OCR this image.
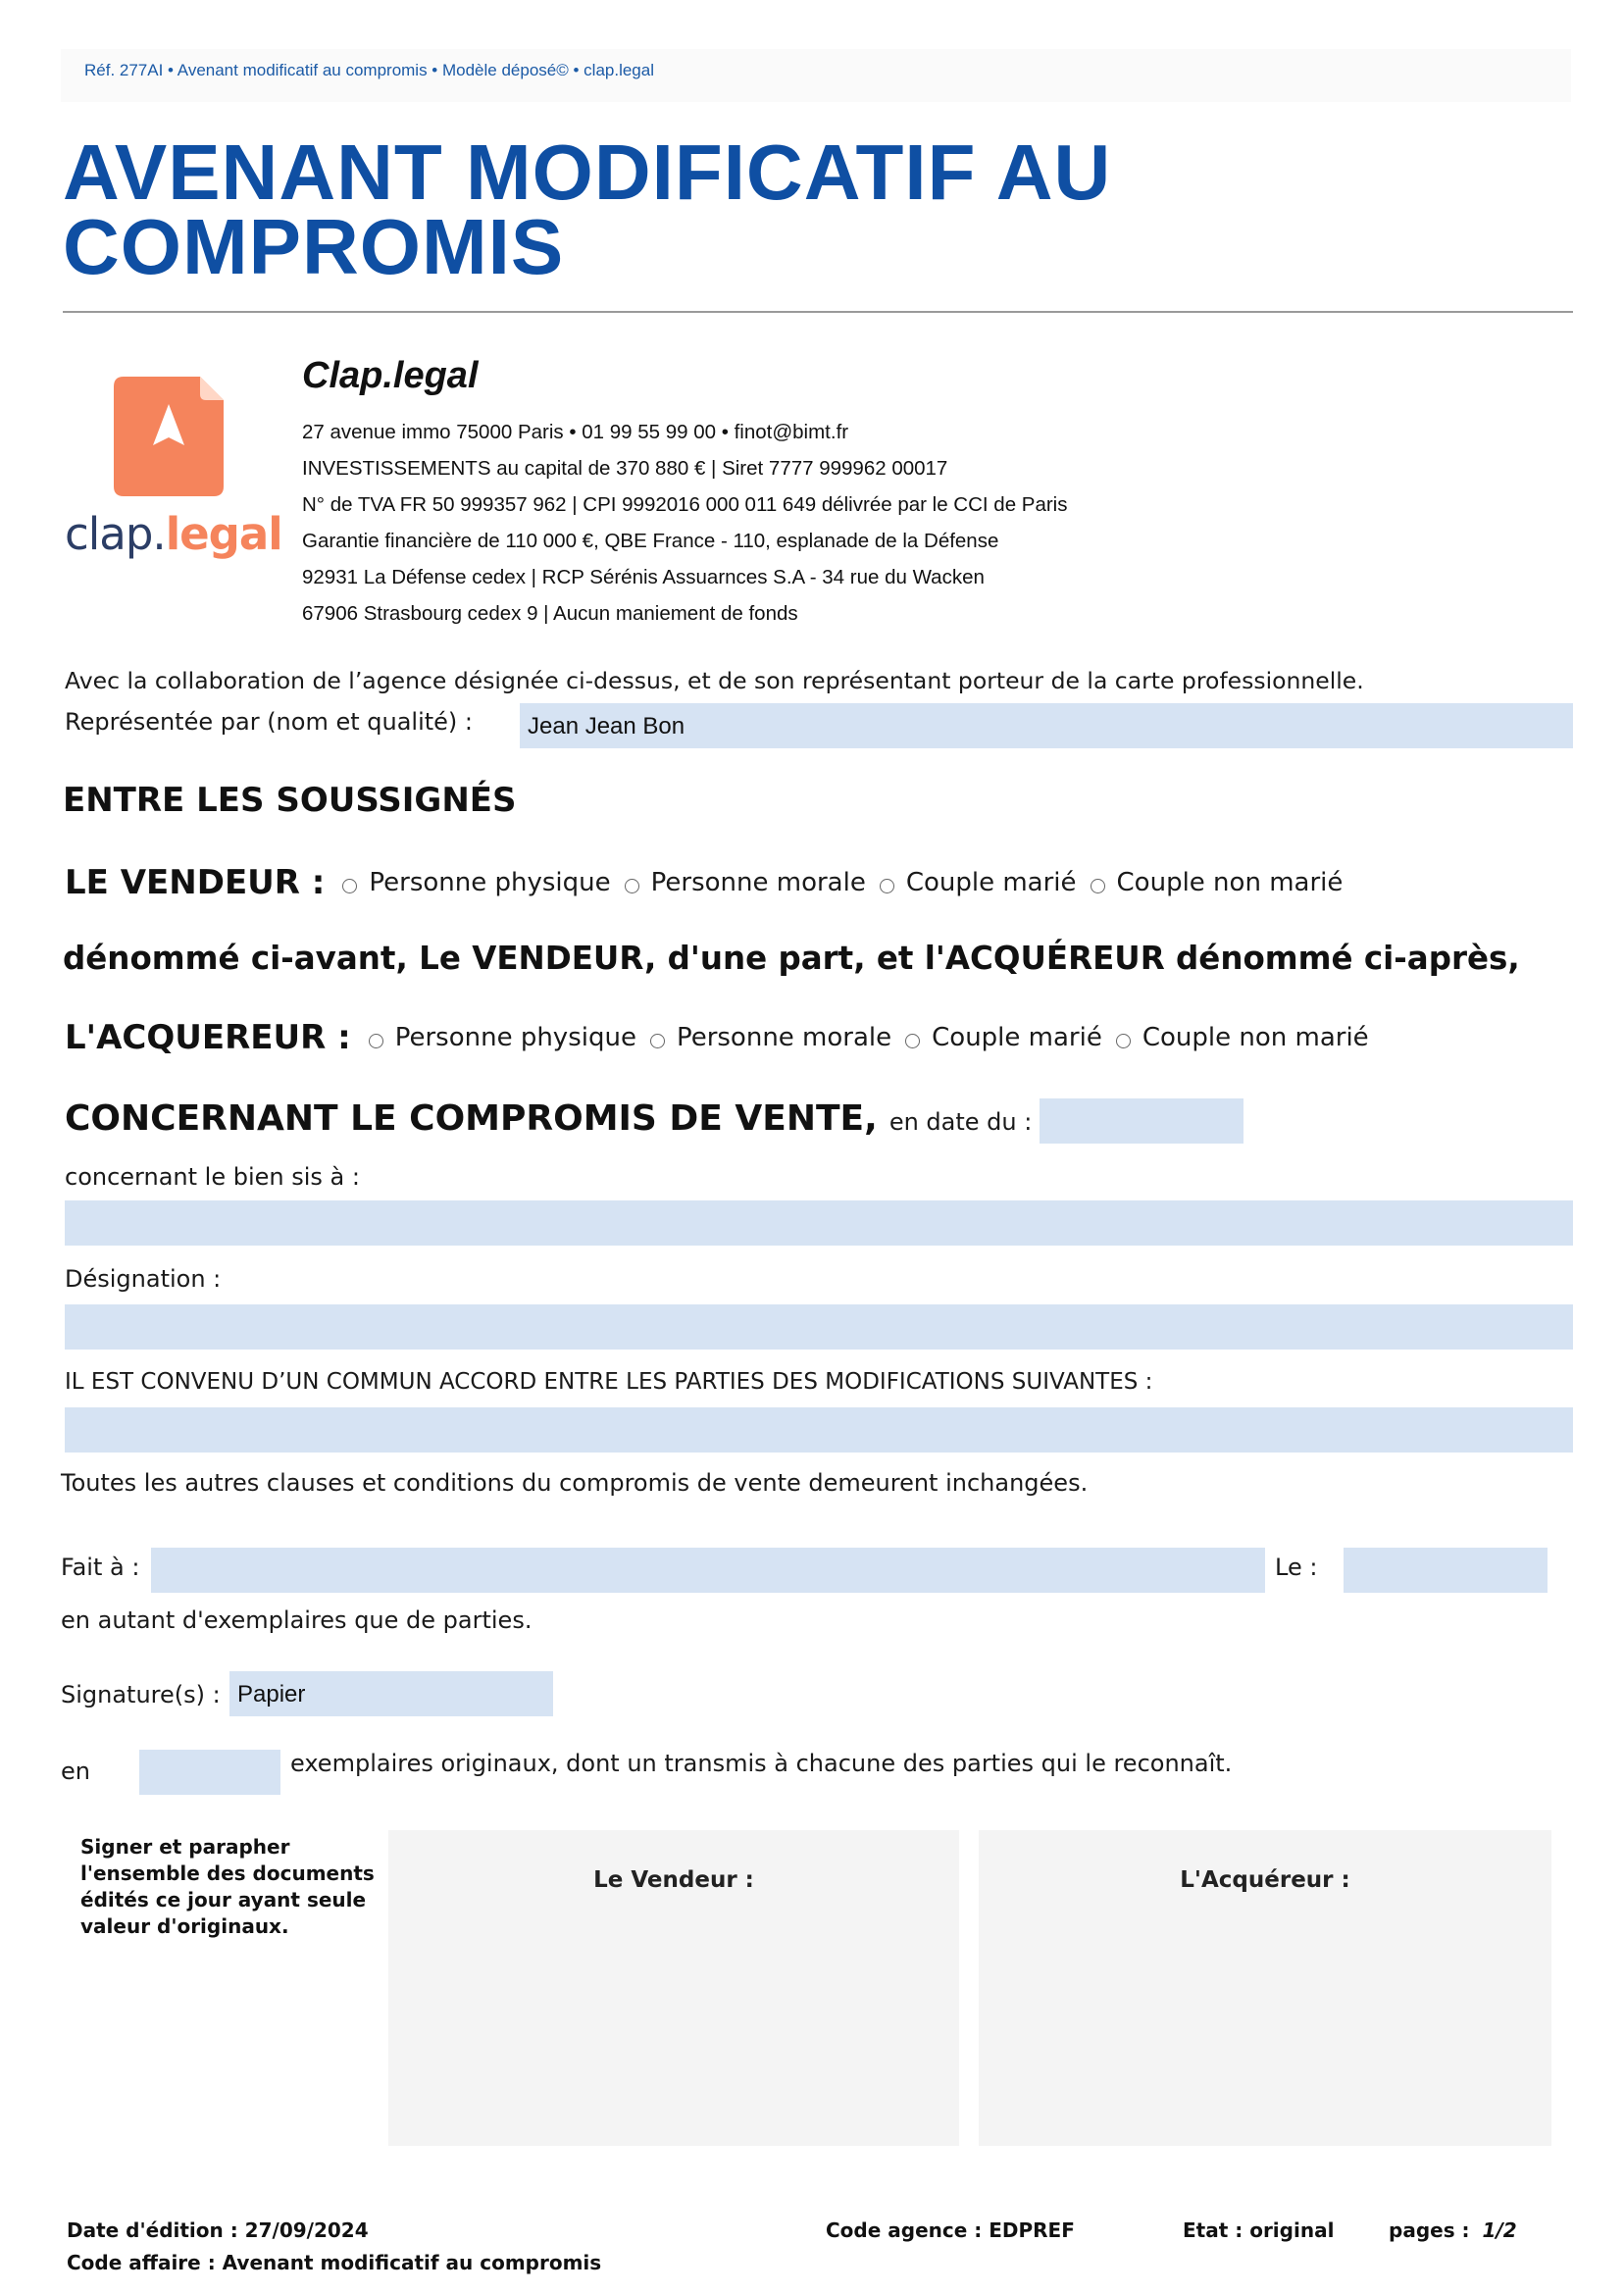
Réf. 277AI • Avenant modificatif au compromis • Modèle déposé© • clap.legal
AVENANT MODIFICATIF AU
COMPROMIS
clap.legal
Clap.legal
27 avenue immo 75000 Paris • 01 99 55 99 00 • finot@bimt.fr
INVESTISSEMENTS au capital de 370 880 € | Siret 7777 999962 00017
N° de TVA FR 50 999357 962 | CPI 9992016 000 011 649 délivrée par le CCI de Paris
Garantie financière de 110 000 €, QBE France - 110, esplanade de la Défense
92931 La Défense cedex | RCP Sérénis Assuarnces S.A - 34 rue du Wacken
67906 Strasbourg cedex 9 | Aucun maniement de fonds
Avec la collaboration de l’agence désignée ci-dessus, et de son représentant porteur de la carte professionnelle.
Représentée par (nom et qualité) : Jean Jean Bon
ENTRE LES SOUSSIGNÉS
LE VENDEUR : Personne physique Personne morale Couple marié Couple non marié
dénommé ci-avant, Le VENDEUR, d'une part, et l'ACQUÉREUR dénommé ci-après,
L'ACQUEREUR : Personne physique Personne morale Couple marié Couple non marié
CONCERNANT LE COMPROMIS DE VENTE, en date du :
concernant le bien sis à :
Désignation :
IL EST CONVENU D’UN COMMUN ACCORD ENTRE LES PARTIES DES MODIFICATIONS SUIVANTES :
Toutes les autres clauses et conditions du compromis de vente demeurent inchangées.
Fait à :	Le :
en autant d'exemplaires que de parties.
Signature(s) : Papier
en	exemplaires originaux, dont un transmis à chacune des parties qui le reconnaît.
Signer et parapher l'ensemble des documents édités ce jour ayant seule valeur d'originaux.
Le Vendeur :	L'Acquéreur :
Date d'édition : 27/09/2024
Code affaire : Avenant modificatif au compromis
Code agence : EDPREF	Etat : original	pages : 1/2
